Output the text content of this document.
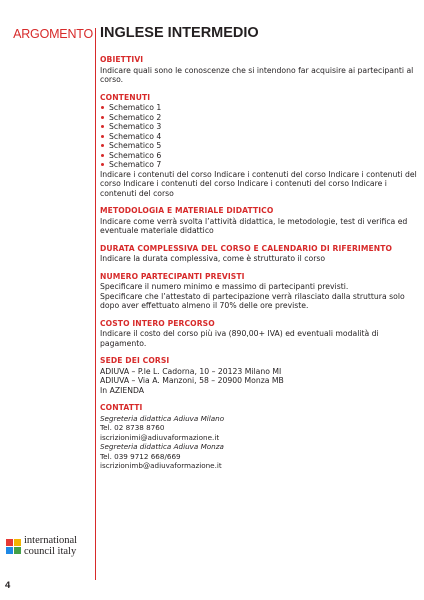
ARGOMENTO INGLESE INTERMEDIO
OBIETTIVI

Indicare quali sono le conoscenze che si intendono far acquisire ai partecipanti al corso.

CONTENUTI
Schematico 1
Schematico 2
Schematico 3
Schematico 4
Schematico 5
Schematico 6
Schematico 7

Indicare i contenuti del corso Indicare i contenuti del corso Indicare i contenuti del corso Indicare i contenuti del corso Indicare i contenuti del corso Indicare i contenuti del corso

METODOLOGIA E MATERIALE DIDATTICO

Indicare come verrà svolta l’attività didattica, le metodologie, test di verifica ed eventuale materiale didattico

DURATA COMPLESSIVA DEL CORSO E CALENDARIO DI RIFERIMENTO

Indicare la durata complessiva, come è strutturato il corso

NUMERO PARTECIPANTI PREVISTI
Specificare il numero minimo e massimo di partecipanti previsti.
Specificare che l’attestato di partecipazione verrà rilasciato dalla struttura solo dopo aver effettuato almeno il 70% delle ore previste.
COSTO INTERO PERCORSO

Indicare il costo del corso più iva (890,00+ IVA) ed eventuali modalità di pagamento.

SEDE DEI CORSI
ADIUVA – P.le L. Cadorna, 10 – 20123 Milano MI
ADIUVA – Via A. Manzoni, 58 – 20900 Monza MB
In AZIENDA
CONTATTI
Segreteria didattica Adiuva Milano
Tel. 02 8738 8760
iscrizionimi@adiuvaformazione.it
Segreteria didattica Adiuva Monza
Tel. 039 9712 668/669
iscrizionimb@adiuvaformazione.it
international
council italy
4
